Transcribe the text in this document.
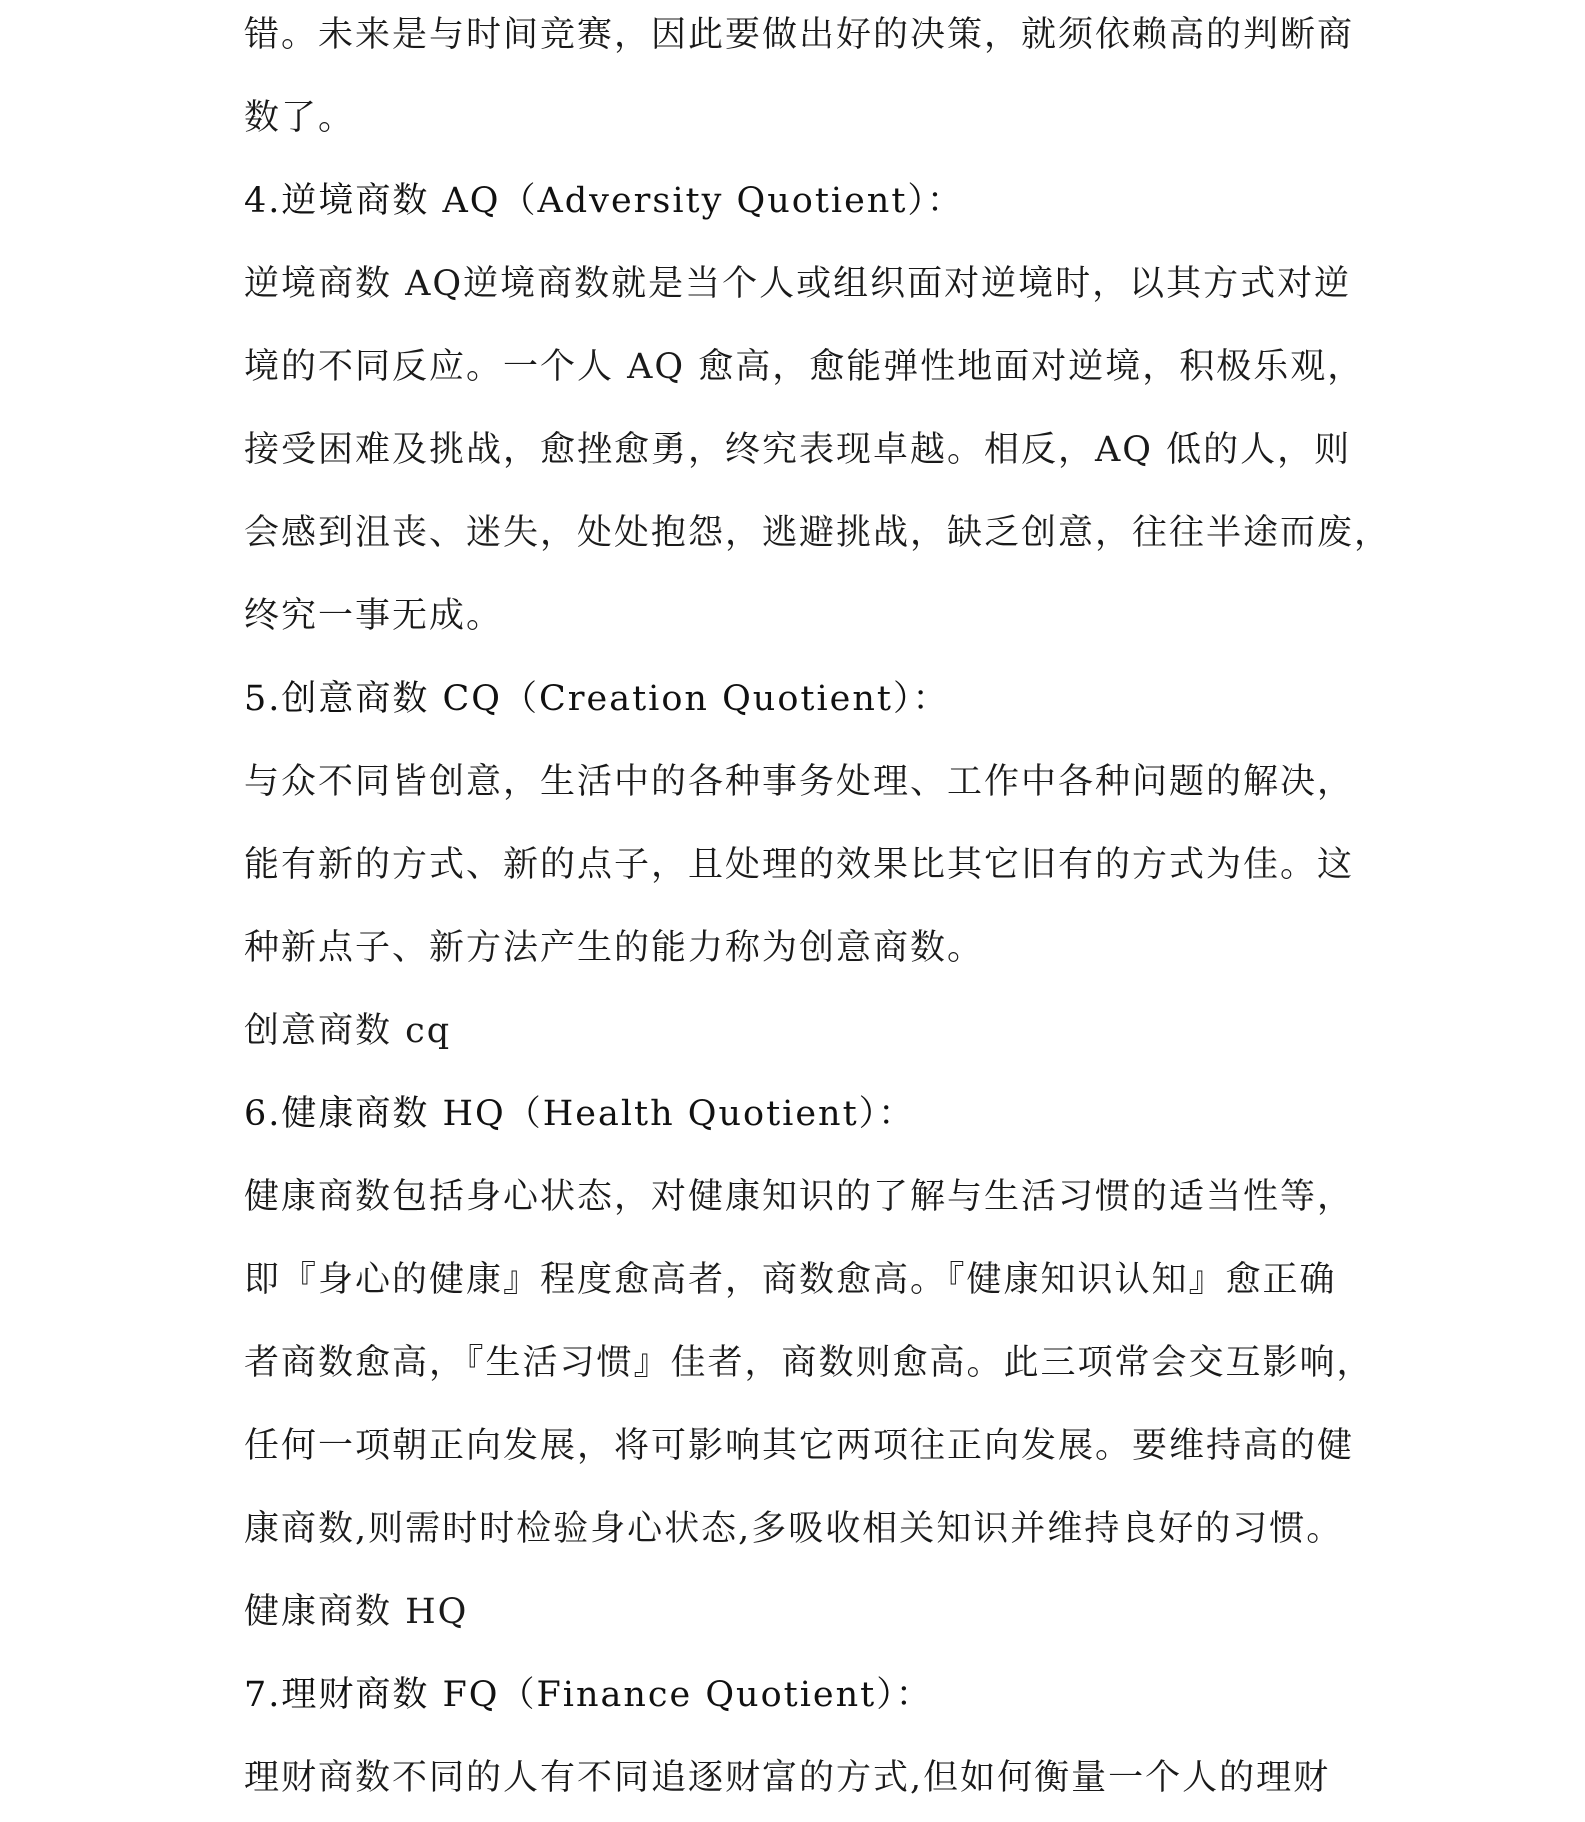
错。未来是与时间竞赛，因此要做出好的决策，就须依赖高的判断商
数了。
4.逆境商数 AQ（Adversity Quotient）：
逆境商数 AQ逆境商数就是当个人或组织面对逆境时，以其方式对逆
境的不同反应。一个人 AQ 愈高，愈能弹性地面对逆境，积极乐观，
接受困难及挑战，愈挫愈勇，终究表现卓越。相反，AQ 低的人，则
会感到沮丧、迷失，处处抱怨，逃避挑战，缺乏创意，往往半途而废，
终究一事无成。
5.创意商数 CQ（Creation Quotient）：
与众不同皆创意，生活中的各种事务处理、工作中各种问题的解决，
能有新的方式、新的点子，且处理的效果比其它旧有的方式为佳。这
种新点子、新方法产生的能力称为创意商数。
创意商数 cq
6.健康商数 HQ（Health Quotient）：
健康商数包括身心状态，对健康知识的了解与生活习惯的适当性等，
即『身心的健康』程度愈高者，商数愈高。『健康知识认知』愈正确
者商数愈高，『生活习惯』佳者，商数则愈高。此三项常会交互影响，
任何一项朝正向发展，将可影响其它两项往正向发展。要维持高的健
康商数,则需时时检验身心状态,多吸收相关知识并维持良好的习惯。
健康商数 HQ
7.理财商数 FQ（Finance Quotient）：
理财商数不同的人有不同追逐财富的方式,但如何衡量一个人的理财
